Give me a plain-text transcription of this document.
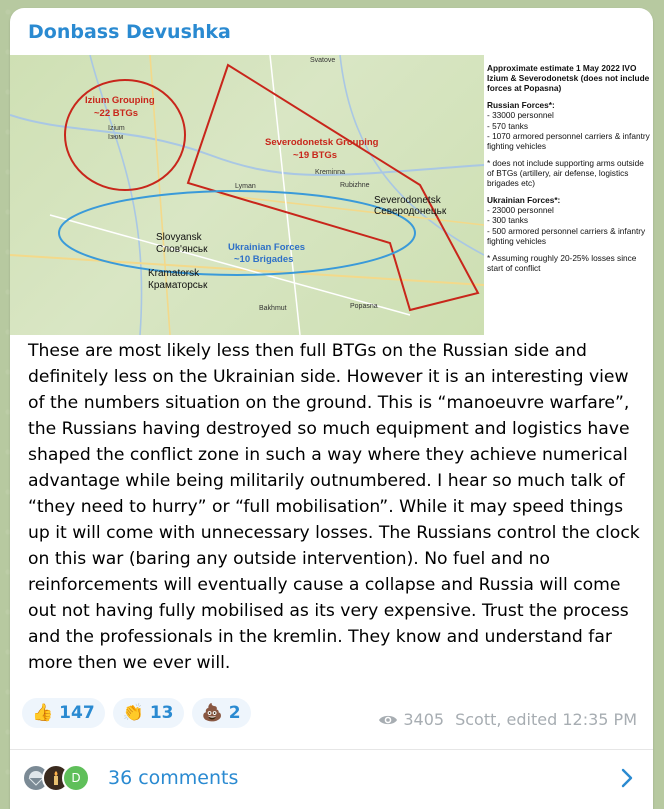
Donbass Devushka
Izium Grouping
~22 BTGs
Severodonetsk Grouping
~19 BTGs
Ukrainian Forces
~10 Brigades
Slovyansk
Слов'янськ
Kramatorsk
Краматорськ
Severodonetsk
Северодонецьк
Izium
Ізюм
Rubizhne
Lyman
Svatove
Kreminna
Bakhmut	Popasna
Approximate estimate 1 May 2022 IVO Izium & Severodonetsk (does not include forces at Popasna)
Russian Forces*:
- 33000 personnel
- 570 tanks
- 1070 armored personnel carriers & infantry fighting vehicles
* does not include supporting arms outside of BTGs (artillery, air defense, logistics brigades etc)
Ukrainian Forces*:
- 23000 personnel
- 300 tanks
- 500 armored personnel carriers & infantry fighting vehicles
* Assuming roughly 20-25% losses since start of conflict
These are most likely less then full BTGs on the Russian side and definitely less on the Ukrainian side. However it is an interesting view of the numbers situation on the ground. This is “manoeuvre warfare”, the Russians having destroyed so much equipment and logistics have shaped the conflict zone in such a way where they achieve numerical advantage while being militarily outnumbered. I hear so much talk of “they need to hurry” or “full mobilisation”. While it may speed things up it will come with unnecessary losses. The Russians control the clock on this war (baring any outside intervention). No fuel and no reinforcements will eventually cause a collapse and Russia will come out not having fully mobilised as its very expensive. Trust the process and the professionals in the kremlin. They know and understand far more then we ever will.
👍 147 👏 13 💩 2	3405 Scott, edited 12:35 PM
D 36 comments
